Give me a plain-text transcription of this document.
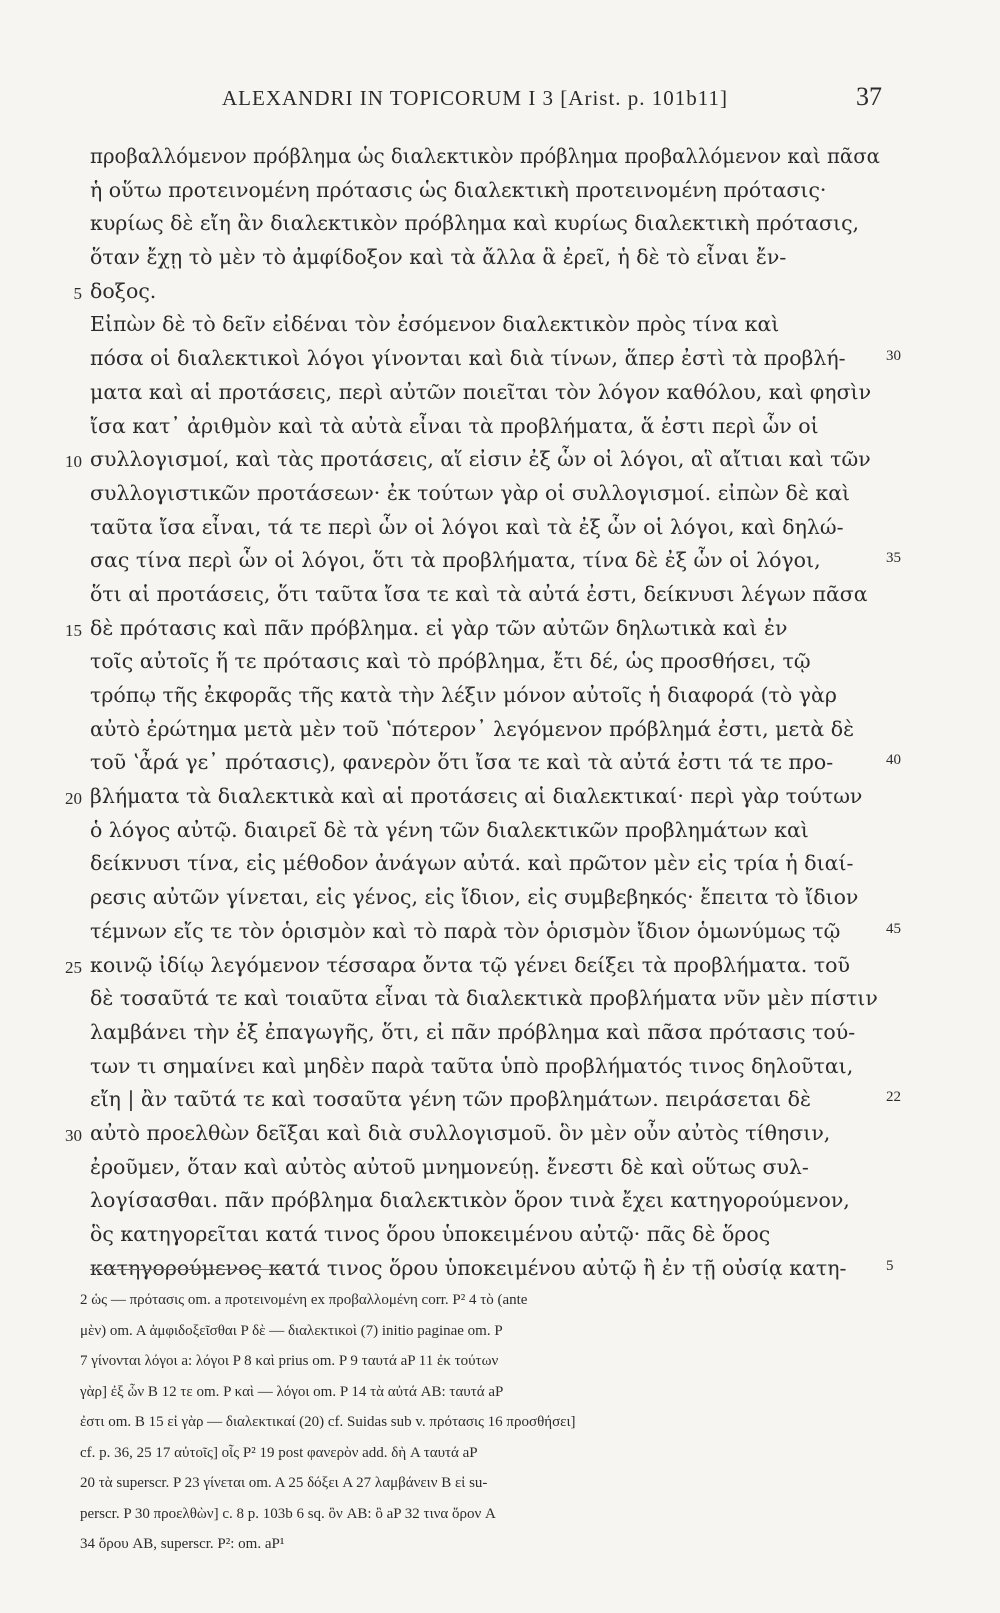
ALEXANDRI IN TOPICORUM I 3 [Arist. p. 101b11]	37
προβαλλόμενον πρόβλημα ὡς διαλεκτικὸν πρόβλημα προβαλλόμενον καὶ πᾶσα
ἡ οὕτω προτεινομένη πρότασις ὡς διαλεκτικὴ προτεινομένη πρότασις·
κυρίως δὲ εἴη ἂν διαλεκτικὸν πρόβλημα καὶ κυρίως διαλεκτικὴ πρότασις,
ὅταν ἔχῃ τὸ μὲν τὸ ἀμφίδοξον καὶ τὰ ἄλλα ἃ ἐρεῖ, ἡ δὲ τὸ εἶναι ἔν-
δοξος.
5
Εἰπὼν δὲ τὸ δεῖν εἰδέναι τὸν ἐσόμενον διαλεκτικὸν πρὸς τίνα καὶ
πόσα οἱ διαλεκτικοὶ λόγοι γίνονται καὶ διὰ τίνων, ἅπερ ἐστὶ τὰ προβλή-	30
ματα καὶ αἱ προτάσεις, περὶ αὐτῶν ποιεῖται τὸν λόγον καθόλου, καὶ φησὶν
ἴσα κατ᾽ ἀριθμὸν καὶ τὰ αὐτὰ εἶναι τὰ προβλήματα, ἅ ἐστι περὶ ὧν οἱ
συλλογισμοί, καὶ τὰς προτάσεις, αἵ εἰσιν ἐξ ὧν οἱ λόγοι, αἳ αἴτιαι καὶ τῶν
10
συλλογιστικῶν προτάσεων· ἐκ τούτων γὰρ οἱ συλλογισμοί. εἰπὼν δὲ καὶ
ταῦτα ἴσα εἶναι, τά τε περὶ ὧν οἱ λόγοι καὶ τὰ ἐξ ὧν οἱ λόγοι, καὶ δηλώ-
σας τίνα περὶ ὧν οἱ λόγοι, ὅτι τὰ προβλήματα, τίνα δὲ ἐξ ὧν οἱ λόγοι,	35
ὅτι αἱ προτάσεις, ὅτι ταῦτα ἴσα τε καὶ τὰ αὐτά ἐστι, δείκνυσι λέγων πᾶσα
δὲ πρότασις καὶ πᾶν πρόβλημα. εἰ γὰρ τῶν αὐτῶν δηλωτικὰ καὶ ἐν
15
τοῖς αὐτοῖς ἥ τε πρότασις καὶ τὸ πρόβλημα, ἔτι δέ, ὡς προσθήσει, τῷ
τρόπῳ τῆς ἐκφορᾶς τῆς κατὰ τὴν λέξιν μόνον αὐτοῖς ἡ διαφορά (τὸ γὰρ
αὐτὸ ἐρώτημα μετὰ μὲν τοῦ ʽπότερον᾽ λεγόμενον πρόβλημά ἐστι, μετὰ δὲ
τοῦ ʽἆρά γε᾽ πρότασις), φανερὸν ὅτι ἴσα τε καὶ τὰ αὐτά ἐστι τά τε προ-	40
βλήματα τὰ διαλεκτικὰ καὶ αἱ προτάσεις αἱ διαλεκτικαί· περὶ γὰρ τούτων
20
ὁ λόγος αὐτῷ. διαιρεῖ δὲ τὰ γένη τῶν διαλεκτικῶν προβλημάτων καὶ
δείκνυσι τίνα, εἰς μέθοδον ἀνάγων αὐτά. καὶ πρῶτον μὲν εἰς τρία ἡ διαί-
ρεσις αὐτῶν γίνεται, εἰς γένος, εἰς ἴδιον, εἰς συμβεβηκός· ἔπειτα τὸ ἴδιον
τέμνων εἴς τε τὸν ὁρισμὸν καὶ τὸ παρὰ τὸν ὁρισμὸν ἴδιον ὁμωνύμως τῷ	45
κοινῷ ἰδίῳ λεγόμενον τέσσαρα ὄντα τῷ γένει δείξει τὰ προβλήματα. τοῦ
25
δὲ τοσαῦτά τε καὶ τοιαῦτα εἶναι τὰ διαλεκτικὰ προβλήματα νῦν μὲν πίστιν
λαμβάνει τὴν ἐξ ἐπαγωγῆς, ὅτι, εἰ πᾶν πρόβλημα καὶ πᾶσα πρότασις τού-
των τι σημαίνει καὶ μηδὲν παρὰ ταῦτα ὑπὸ προβλήματός τινος δηλοῦται,
εἴη | ἂν ταῦτά τε καὶ τοσαῦτα γένη τῶν προβλημάτων. πειράσεται δὲ	22
αὐτὸ προελθὼν δεῖξαι καὶ διὰ συλλογισμοῦ. ὃν μὲν οὖν αὐτὸς τίθησιν,
30
ἐροῦμεν, ὅταν καὶ αὐτὸς αὐτοῦ μνημονεύῃ. ἔνεστι δὲ καὶ οὕτως συλ-
λογίσασθαι. πᾶν πρόβλημα διαλεκτικὸν ὅρον τινὰ ἔχει κατηγορούμενον,
ὃς κατηγορεῖται κατά τινος ὅρου ὑποκειμένου αὐτῷ· πᾶς δὲ ὅρος
κατηγορούμενος κατά τινος ὅρου ὑποκειμένου αὐτῷ ἢ ἐν τῇ οὐσίᾳ κατη-	5
2 ὡς — πρότασις om. a προτεινομένη ex προβαλλομένη corr. P² 4 τὸ (ante
μὲν) om. A ἀμφιδοξεῖσθαι P δὲ — διαλεκτικοὶ (7) initio paginae om. P
7 γίνονται λόγοι a: λόγοι P 8 καὶ prius om. P 9 ταυτά aP 11 ἐκ τούτων
γὰρ] ἐξ ὧν B 12 τε om. P καὶ — λόγοι om. P 14 τὰ αὐτά AB: ταυτά aP
ἐστι om. B 15 εἰ γὰρ — διαλεκτικαί (20) cf. Suidas sub v. πρότασις 16 προσθήσει]
cf. p. 36, 25 17 αὐτοῖς] οἷς P² 19 post φανερὸν add. δὴ A ταυτά aP
20 τὰ superscr. P 23 γίνεται om. A 25 δόξει A 27 λαμβάνειν B εἰ su-
perscr. P 30 προελθὼν] c. 8 p. 103b 6 sq. ὃν AB: ὃ aP 32 τινα ὅρον A
34 ὅρου AB, superscr. P²: om. aP¹
